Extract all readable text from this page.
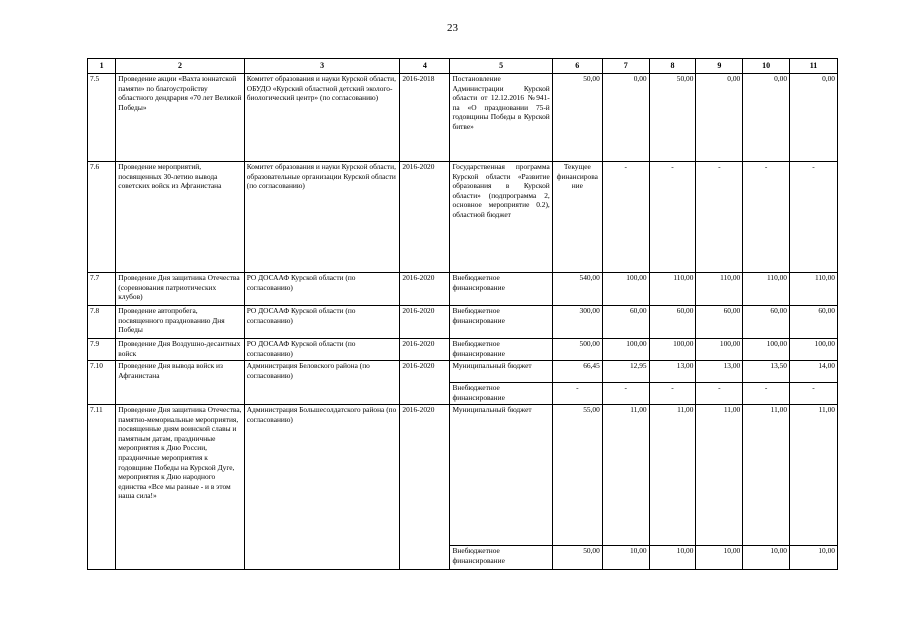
23
1	2	3	4	5	6	7	8	9	10	11
7.5	Проведение акции «Вахта юннатской памяти» по благоустройству областного дендрария «70 лет Великой Победы»	Комитет образования и науки Курской области, ОБУДО «Курский областной детский эколого-биологический центр» (по согласованию)	2016-2018	Постановление Администрации Курской области от 12.12.2016 №941-па «О праздновании 75-й годовщины Победы в Курской битве»	50,00	0,00	50,00	0,00	0,00	0,00
7.6	Проведение мероприятий, посвященных 30-летию вывода советских войск из Афганистана	Комитет образования и науки Курской области, образовательные организации Курской области (по согласованию)	2016-2020	Государственная программа Курской области «Развитие образования в Курской области» (подпрограмма 2, основное мероприятие 0.2), областной бюджет	Текущее финансирова ние	-	-	-	-	-
7.7	Проведение Дня защитника Отечества (соревнования патриотических клубов)	РО ДОСААФ Курской области (по согласованию)	2016-2020	Внебюджетное финансирование	540,00	100,00	110,00	110,00	110,00	110,00
7.8	Проведение автопробега, посвященного празднованию Дня Победы	РО ДОСААФ Курской области (по согласованию)	2016-2020	Внебюджетное финансирование	300,00	60,00	60,00	60,00	60,00	60,00
7.9	Проведение Дня Воздушно-десантных войск	РО ДОСААФ Курской области (по согласованию)	2016-2020	Внебюджетное финансирование	500,00	100,00	100,00	100,00	100,00	100,00
7.10	Проведение Дня вывода войск из Афганистана	Администрация Беловского района (по согласованию)	2016-2020	Муниципальный бюджет	66,45	12,95	13,00	13,00	13,50	14,00
				Внебюджетное финансирование	-	-	-	-	-	-
7.11	Проведение Дня защитника Отечества, памятно-мемориальные мероприятия, посвященные дням воинской славы и памятным датам, праздничные мероприятия к Дню России, праздничные мероприятия к годовщине Победы на Курской Дуге, мероприятия к Дню народного единства «Все мы разные - и в этом наша сила!»	Администрация Большесолдатского района (по согласованию)	2016-2020	Муниципальный бюджет	55,00	11,00	11,00	11,00	11,00	11,00
				Внебюджетное финансирование	50,00	10,00	10,00	10,00	10,00	10,00
